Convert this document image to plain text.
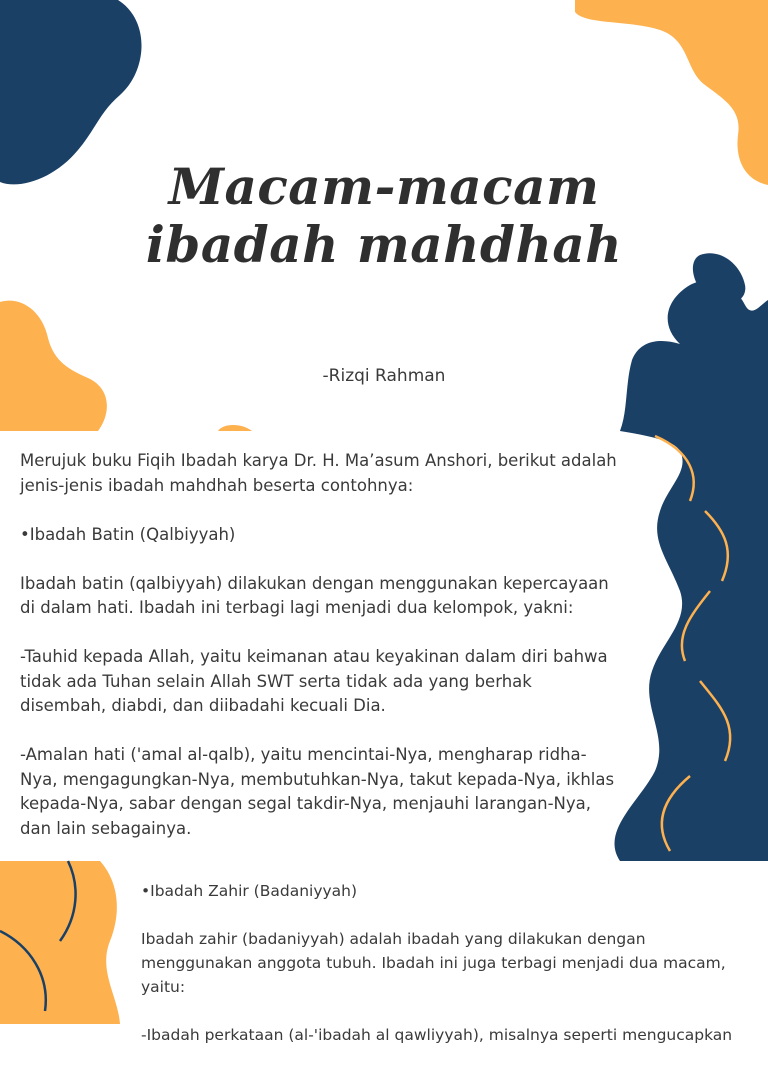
Macam-macam
ibadah mahdhah
-Rizqi Rahman

Merujuk buku Fiqih Ibadah karya Dr. H. Ma’asum Anshori, berikut adalah jenis-jenis ibadah mahdhah beserta contohnya:

•Ibadah Batin (Qalbiyyah)

Ibadah batin (qalbiyyah) dilakukan dengan menggunakan kepercayaan di dalam hati. Ibadah ini terbagi lagi menjadi dua kelompok, yakni:

-Tauhid kepada Allah, yaitu keimanan atau keyakinan dalam diri bahwa tidak ada Tuhan selain Allah SWT serta tidak ada yang berhak disembah, diabdi, dan diibadahi kecuali Dia.

-Amalan hati ('amal al-qalb), yaitu mencintai-Nya, mengharap ridha-Nya, mengagungkan-Nya, membutuhkan-Nya, takut kepada-Nya, ikhlas kepada-Nya, sabar dengan segal takdir-Nya, menjauhi larangan-Nya, dan lain sebagainya.

•Ibadah Zahir (Badaniyyah)

Ibadah zahir (badaniyyah) adalah ibadah yang dilakukan dengan menggunakan anggota tubuh. Ibadah ini juga terbagi menjadi dua macam, yaitu:

-Ibadah perkataan (al-'ibadah al qawliyyah), misalnya seperti mengucapkan
